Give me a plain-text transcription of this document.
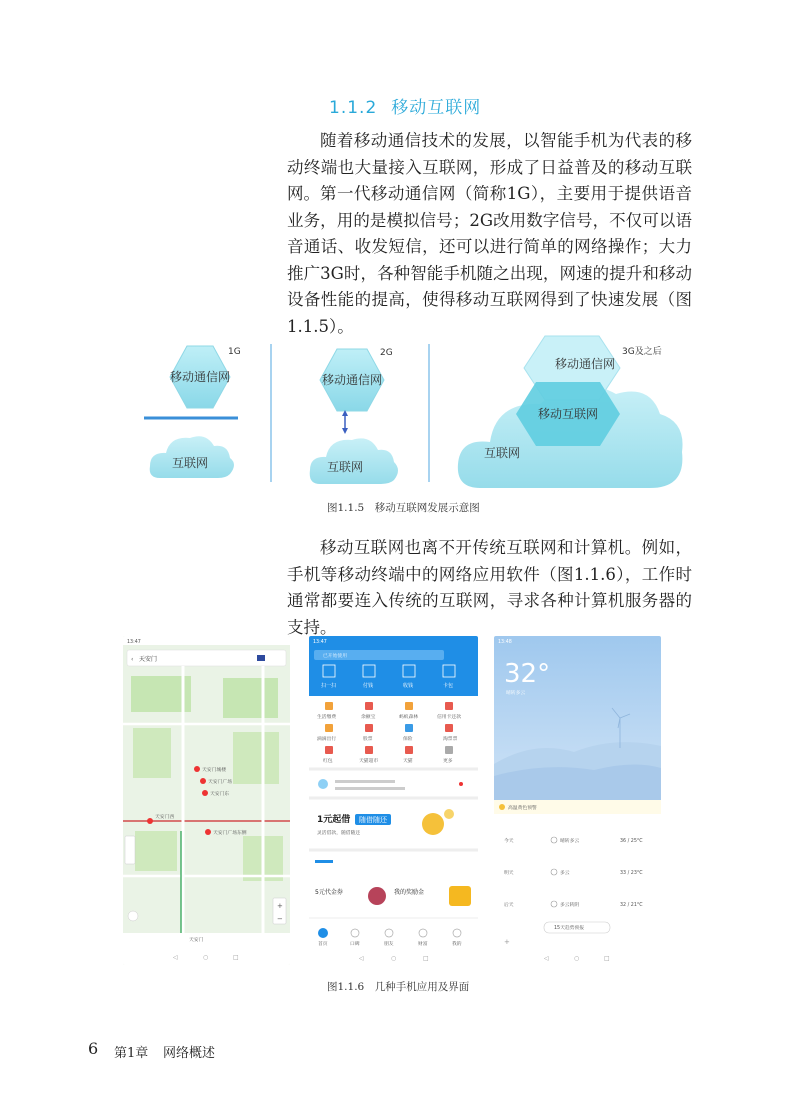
1.1.2 移动互联网

随着移动通信技术的发展，以智能手机为代表的移动终端也大量接入互联网，形成了日益普及的移动互联网。 第一代移动通信网（简称1G），主要用于提供语音业务，用的是模拟信号；2G改用数字信号，不仅可以语音通话、收发短信，还可以进行简单的网络操作；大力推广3G时，各种智能手机随之出现，网速的提升和移动设备性能的提高，使得移动互联网得到了快速发展（图1.1.5）。

移动通信网
1G
互联网
移动通信网
2G
互联网
移动通信网
移动互联网
互联网
3G及之后
图1.1.5　移动互联网发展示意图

移动互联网也离不开传统互联网和计算机。例如，手机等移动终端中的网络应用软件（图1.1.6），工作时通常都要连入传统的互联网，寻求各种计算机服务器的支持。

13:47
‹ 天安门
天安门城楼
天安门广场
天安门东
天安门西
天安门广场东侧
+
−
天安门
◁	○	□
13:47
已开始使用
扫一扫	付钱	收钱	卡包
生活缴费	余额宝	蚂蚁森林	信用卡还款
滴滴出行	股票	保险	淘票票
红包	天猫超市	天猫	更多
1元起借 随借随还
灵活借款，随借随还
5元代金券	我的奖励金
首页	口碑	朋友	财富	我的
◁	○	□
13:48
32°
晴转多云
高温黄色预警
今天	晴转多云	36 / 25°C
明天	多云	33 / 23°C
后天	多云转阴	32 / 21°C
15天趋势预报
+
◁	○	□
图1.1.6　几种手机应用及界面
6 第1章 网络概述
